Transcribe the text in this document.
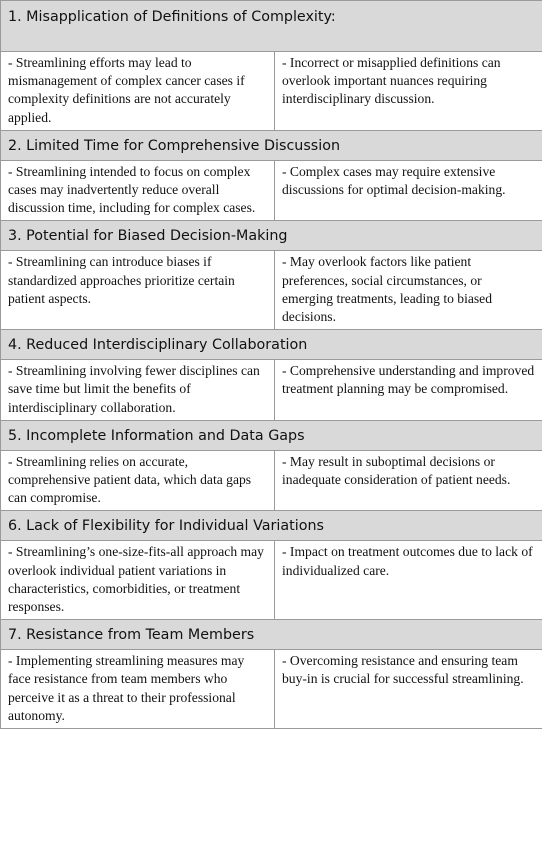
1. Misapplication of Definitions of Complexity:	
- Streamlining efforts may lead to mismanagement of complex cancer cases if complexity definitions are not accurately applied.	- Incorrect or misapplied definitions can overlook important nuances requiring interdisciplinary discussion.
2. Limited Time for Comprehensive Discussion	
- Streamlining intended to focus on complex cases may inadvertently reduce overall discussion time, including for complex cases.	- Complex cases may require extensive discussions for optimal decision-making.
3. Potential for Biased Decision-Making	
- Streamlining can introduce biases if standardized approaches prioritize certain patient aspects.	- May overlook factors like patient preferences, social circumstances, or emerging treatments, leading to biased decisions.
4. Reduced Interdisciplinary Collaboration	
- Streamlining involving fewer disciplines can save time but limit the benefits of interdisciplinary collaboration.	- Comprehensive understanding and improved treatment planning may be compromised.
5. Incomplete Information and Data Gaps	
- Streamlining relies on accurate, comprehensive patient data, which data gaps can compromise.	- May result in suboptimal decisions or inadequate consideration of patient needs.
6. Lack of Flexibility for Individual Variations	
- Streamlining’s one-size-fits-all approach may overlook individual patient variations in characteristics, comorbidities, or treatment responses.	- Impact on treatment outcomes due to lack of individualized care.
7. Resistance from Team Members	
- Implementing streamlining measures may face resistance from team members who perceive it as a threat to their professional autonomy.	- Overcoming resistance and ensuring team buy-in is crucial for successful streamlining.
